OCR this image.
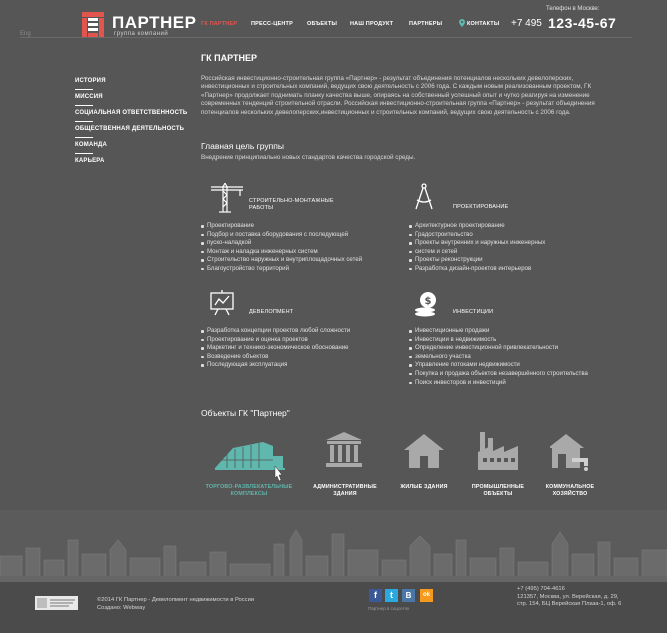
Eng
ПАРТНЕР
группа компаний
ГК ПАРТНЕР	ПРЕСС-ЦЕНТР	ОБЪЕКТЫ НАШ ПРОДУКТ	ПАРТНЕРЫ	КОНТАКТЫ
Телефон в Москве:
+7 495 123-45-67
ИСТОРИЯ
МИССИЯ
СОЦИАЛЬНАЯ ОТВЕТСТВЕННОСТЬ
ОБЩЕСТВЕННАЯ ДЕЯТЕЛЬНОСТЬ
КОМАНДА
КАРЬЕРА
ГК ПАРТНЕР
Российская инвестиционно-строительная группа «Партнер» - результат объединения потенциалов нескольких девелоперских, инвестиционных и строительных компаний, ведущих свою деятельность с 2006 года. С каждым новым реализованным проектом, ГК «Партнер» продолжает поднимать планку качества выше, опираясь на собственный успешный опыт и чутко реагируя на изменение современных тенденций строительной отрасли. Российская инвестиционно-строительная группа «Партнер» - результат объединения потенциалов нескольких девелоперских,инвестиционных и строительных компаний, ведущих свою деятельность с 2006 года.
Главная цель группы
Внедрение принципиально новых стандартов качества городской среды.
СТРОИТЕЛЬНО-МОНТАЖНЫЕ
РАБОТЫ
Проектирование
Подбор и поставка оборудования с последующей
пуско-наладкой
Монтаж и наладка инженерных систем
Строительство наружных и внутриплощадочных сетей
Благоустройство территорий
ПРОЕКТИРОВАНИЕ
Архитектурное проектирование
Градостроительство
Проекты внутренних и наружных инженерных
систем и сетей
Проекты реконструкции
Разработка дизайн-проектов интерьеров
ДЕВЕЛОПМЕНТ
Разработка концепции проектов любой сложности
Проектирование и оценка проектов
Маркетинг и технико-экономическое обоснование
Возведение объектов
Последующая эксплуатация
$
ИНВЕСТИЦИИ
Инвестиционные продажи
Инвестиции в недвижимость
Определение инвестиционной привлекательности
земельного участка
Управление потоками недвижимости
Покупка и продажа объектов незавершённого строительства
Поиск инвесторов и инвестиций
Объекты ГК "Партнер"
ТОРГОВО-РАЗВЛЕКАТЕЛЬНЫЕ
КОМПЛЕКСЫ
АДМИНИСТРАТИВНЫЕ
ЗДАНИЯ
ЖИЛЫЕ ЗДАНИЯ	ПРОМЫШЛЕННЫЕ
ОБЪЕКТЫ
КОММУНАЛЬНОЕ
ХОЗЯЙСТВО
©2014 ГК Партнер - Девелопмент недвижимости в России
Создано: Webway
f	t	B	ok
Партнер в соцсетях
+7 (495) 704-4616
121357, Москва, ул. Верейская, д. 29,
стр. 154, БЦ Верейская Плаза-1, оф. 6
